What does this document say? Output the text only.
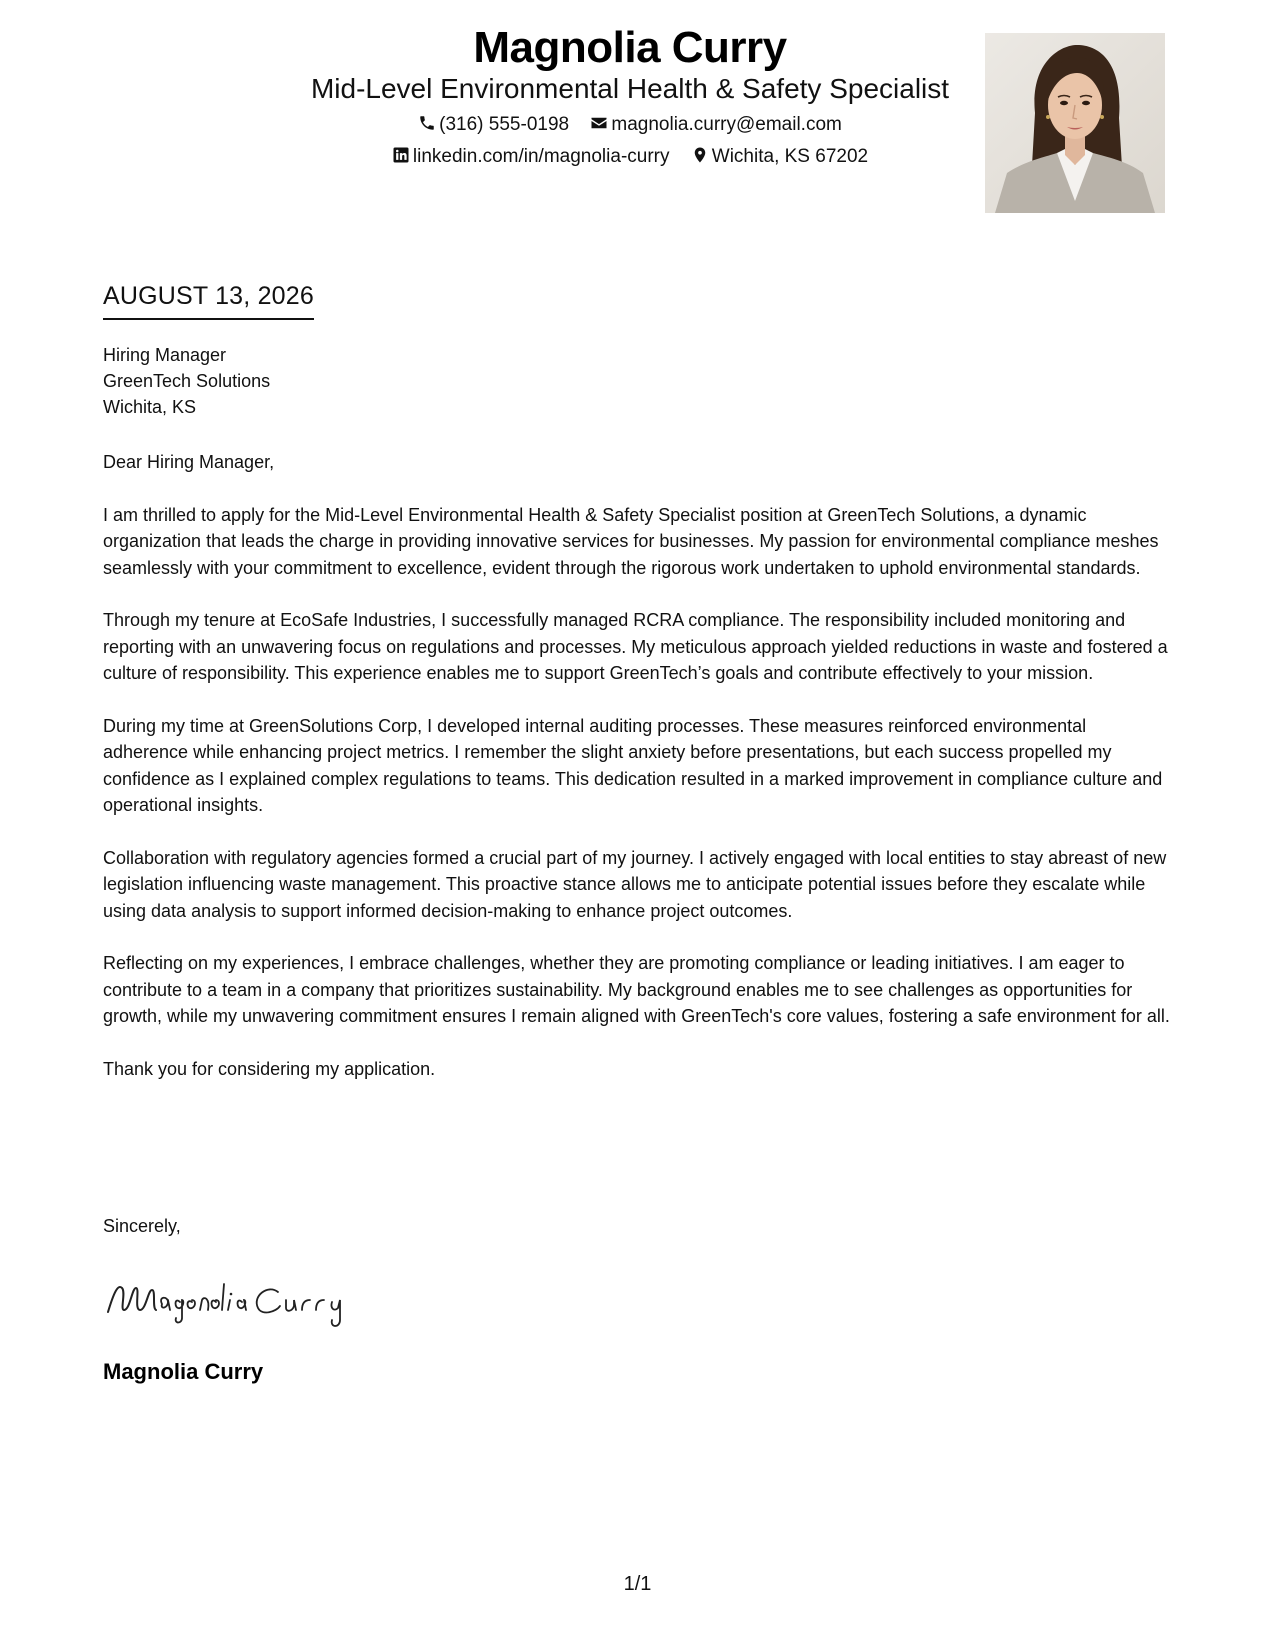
Magnolia Curry
Mid-Level Environmental Health & Safety Specialist
(316) 555-0198 magnolia.curry@email.com
linkedin.com/in/magnolia-curry Wichita, KS 67202
AUGUST 13, 2026
Hiring Manager
GreenTech Solutions
Wichita, KS

Dear Hiring Manager,

I am thrilled to apply for the Mid-Level Environmental Health & Safety Specialist position at GreenTech Solutions, a dynamic organization that leads the charge in providing innovative services for businesses. My passion for environmental compliance meshes seamlessly with your commitment to excellence, evident through the rigorous work undertaken to uphold environmental standards.

Through my tenure at EcoSafe Industries, I successfully managed RCRA compliance. The responsibility included monitoring and reporting with an unwavering focus on regulations and processes. My meticulous approach yielded reductions in waste and fostered a culture of responsibility. This experience enables me to support GreenTech’s goals and contribute effectively to your mission.

During my time at GreenSolutions Corp, I developed internal auditing processes. These measures reinforced environmental adherence while enhancing project metrics. I remember the slight anxiety before presentations, but each success propelled my confidence as I explained complex regulations to teams. This dedication resulted in a marked improvement in compliance culture and operational insights.

Collaboration with regulatory agencies formed a crucial part of my journey. I actively engaged with local entities to stay abreast of new legislation influencing waste management. This proactive stance allows me to anticipate potential issues before they escalate while using data analysis to support informed decision-making to enhance project outcomes.

Reflecting on my experiences, I embrace challenges, whether they are promoting compliance or leading initiatives. I am eager to contribute to a team in a company that prioritizes sustainability. My background enables me to see challenges as opportunities for growth, while my unwavering commitment ensures I remain aligned with GreenTech's core values, fostering a safe environment for all.

Thank you for considering my application.

Sincerely,
Magnolia Curry
1/1
